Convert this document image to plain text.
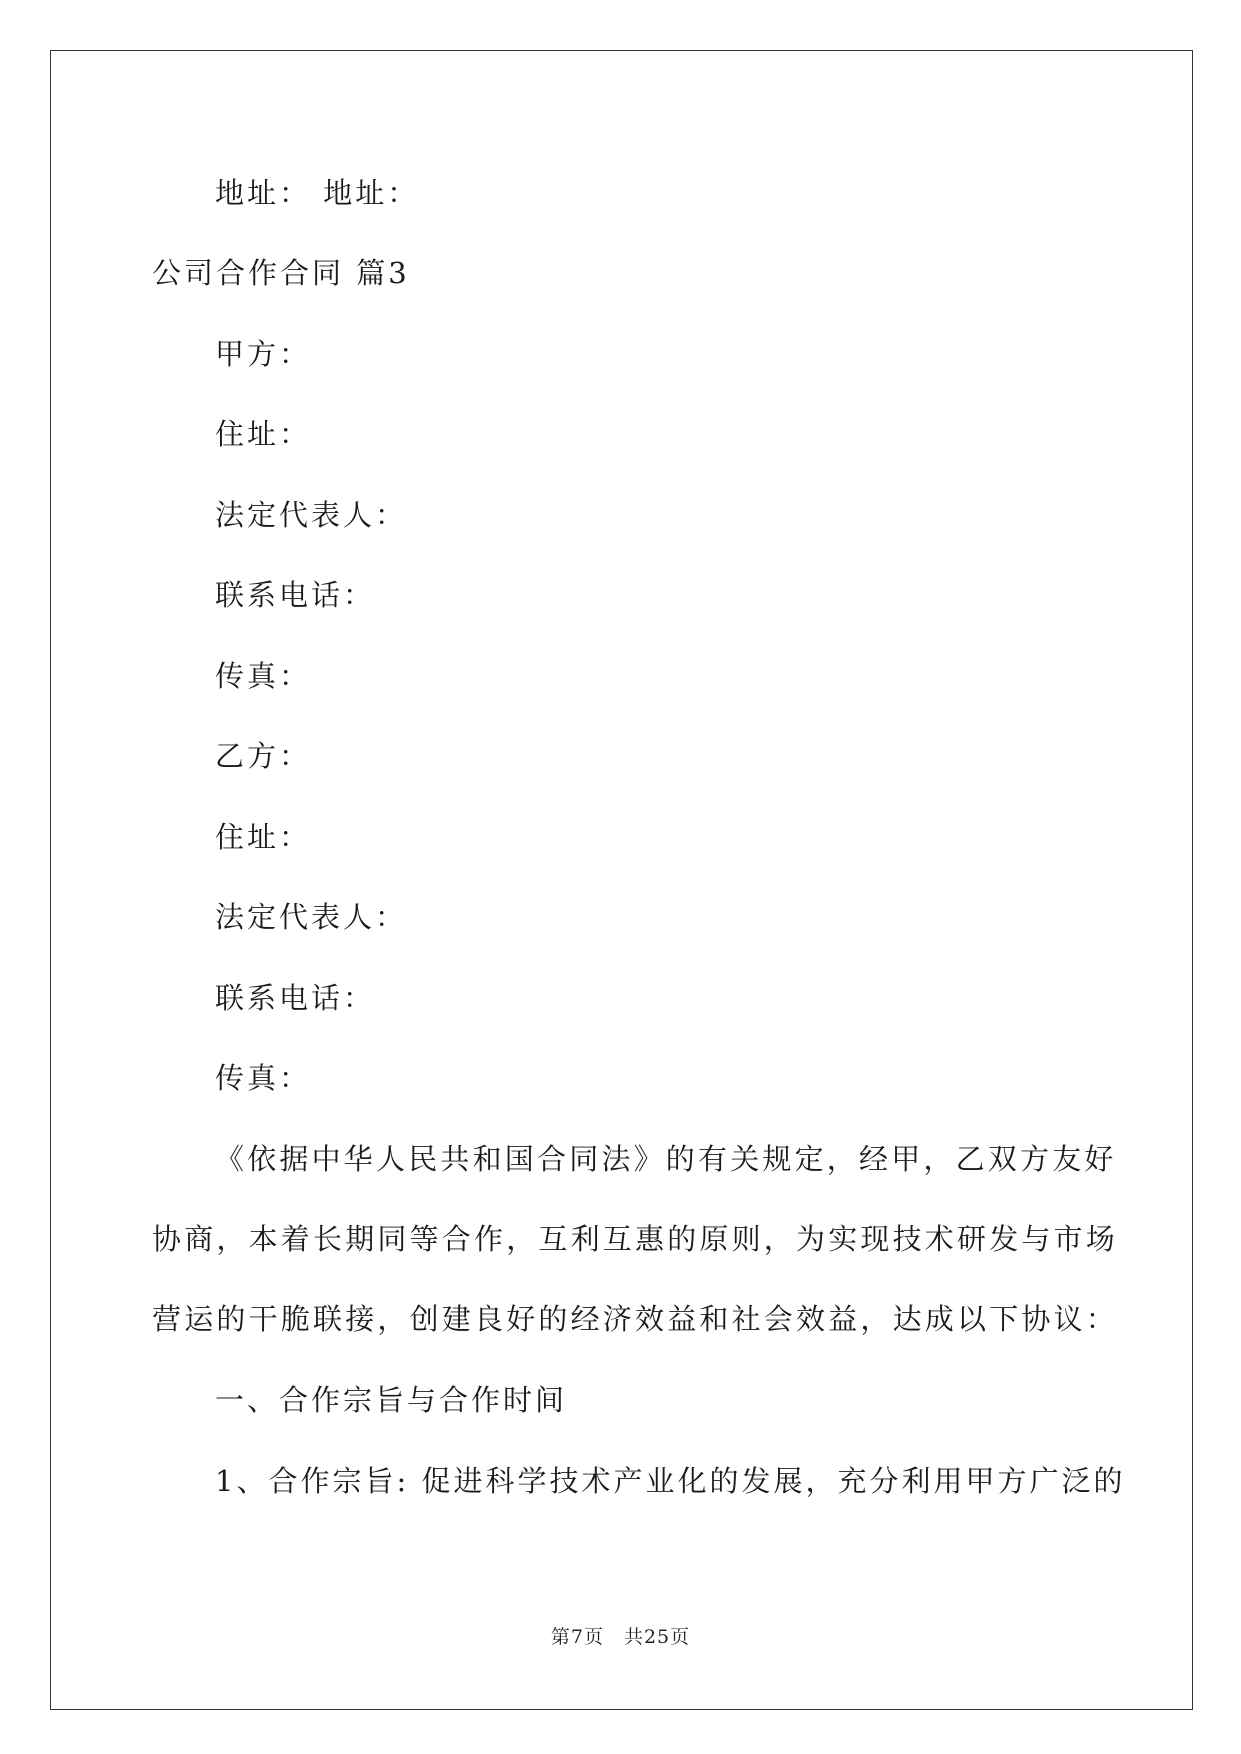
地址： 地址：
公司合作合同 篇3
甲方：
住址：
法定代表人：
联系电话：
传真：
乙方：
住址：
法定代表人：
联系电话：
传真：
《依据中华人民共和国合同法》的有关规定，经甲，乙双方友好
协商，本着长期同等合作，互利互惠的原则，为实现技术研发与市场
营运的干脆联接，创建良好的经济效益和社会效益，达成以下协议：
一、合作宗旨与合作时间
1、合作宗旨: 促进科学技术产业化的发展，充分利用甲方广泛的
第7页 共25页
